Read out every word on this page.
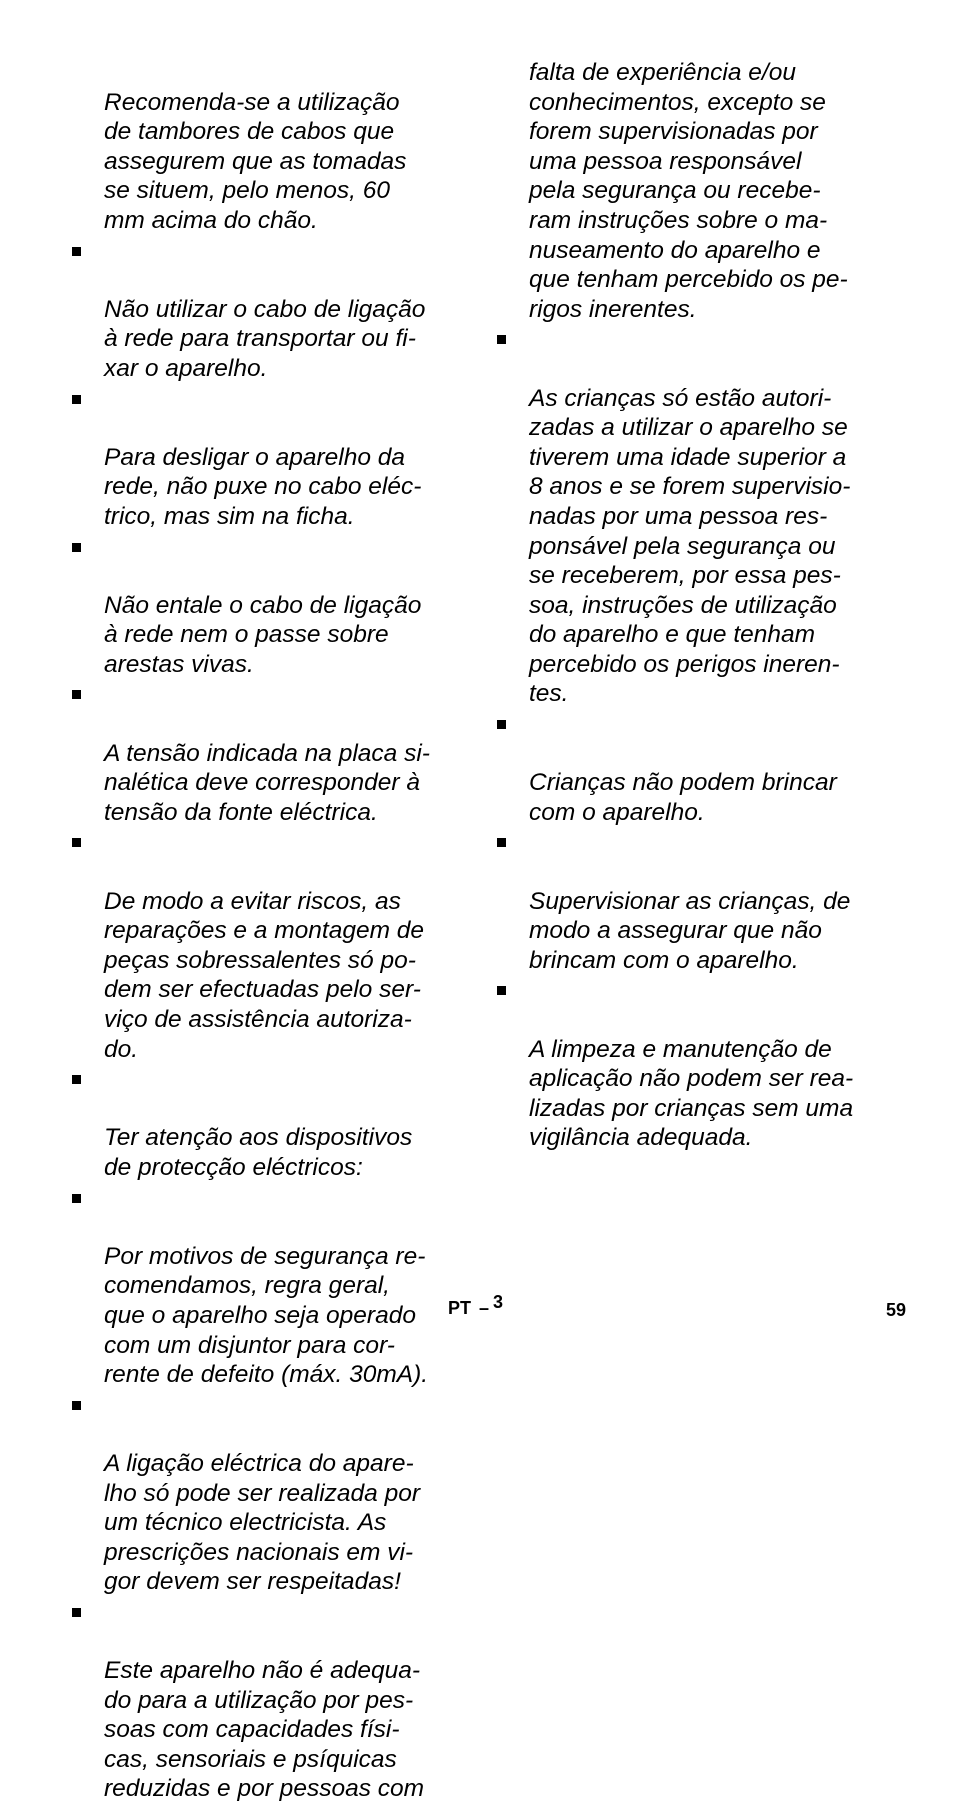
Recomenda-se a utilização
de tambores de cabos que
assegurem que as tomadas
se situem, pelo menos, 60
mm acima do chão.

Não utilizar o cabo de ligação
à rede para transportar ou fi-
xar o aparelho.

Para desligar o aparelho da
rede, não puxe no cabo eléc-
trico, mas sim na ficha.

Não entale o cabo de ligação
à rede nem o passe sobre
arestas vivas.

A tensão indicada na placa si-
nalética deve corresponder à
tensão da fonte eléctrica.

De modo a evitar riscos, as
reparações e a montagem de
peças sobressalentes só po-
dem ser efectuadas pelo ser-
viço de assistência autoriza-
do.

Ter atenção aos dispositivos
de protecção eléctricos:

Por motivos de segurança re-
comendamos, regra geral,
que o aparelho seja operado
com um disjuntor para cor-
rente de defeito (máx. 30mA).

A ligação eléctrica do apare-
lho só pode ser realizada por
um técnico electricista. As
prescrições nacionais em vi-
gor devem ser respeitadas!

Este aparelho não é adequa-
do para a utilização por pes-
soas com capacidades físi-
cas, sensoriais e psíquicas
reduzidas e por pessoas com

falta de experiência e/ou
conhecimentos, excepto se
forem supervisionadas por
uma pessoa responsável
pela segurança ou recebe-
ram instruções sobre o ma-
nuseamento do aparelho e
que tenham percebido os pe-
rigos inerentes.

As crianças só estão autori-
zadas a utilizar o aparelho se
tiverem uma idade superior a
8 anos e se forem supervisio-
nadas por uma pessoa res-
ponsável pela segurança ou
se receberem, por essa pes-
soa, instruções de utilização
do aparelho e que tenham
percebido os perigos ineren-
tes.

Crianças não podem brincar
com o aparelho.

Supervisionar as crianças, de
modo a assegurar que não
brincam com o aparelho.

A limpeza e manutenção de
aplicação não podem ser rea-
lizadas por crianças sem uma
vigilância adequada.

PT – 3	59
